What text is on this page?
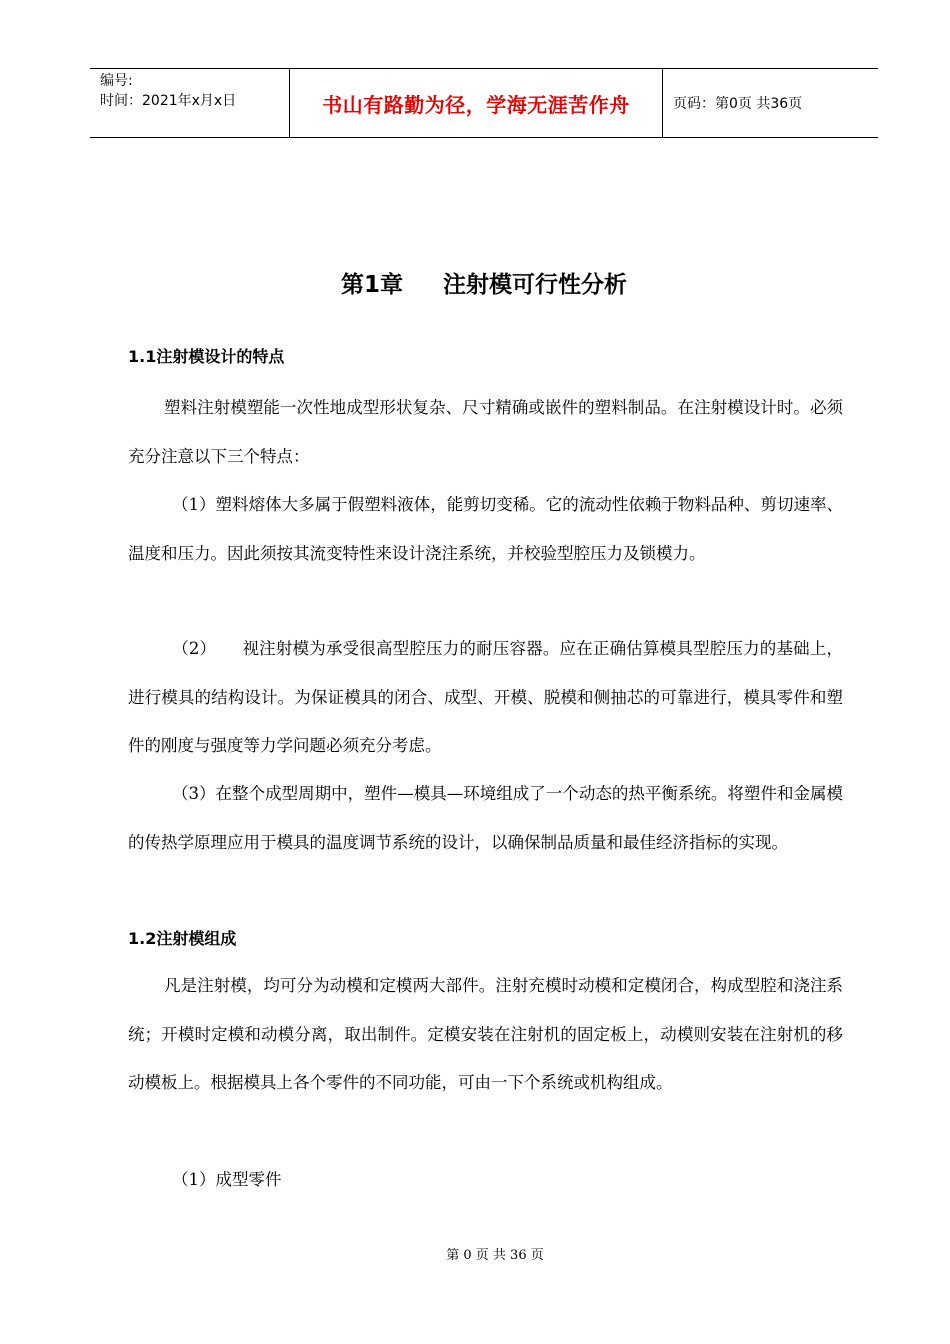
编号:
时间：2021年x月x日	书山有路勤为径，学海无涯苦作舟	页码：第0页 共36页
第1章 注射模可行性分析
1.1注射模设计的特点

塑料注射模塑能一次性地成型形状复杂、尺寸精确或嵌件的塑料制品。在注射模设计时。必须充分注意以下三个特点：

（1）塑料熔体大多属于假塑料液体，能剪切变稀。它的流动性依赖于物料品种、剪切速率、温度和压力。因此须按其流变特性来设计浇注系统，并校验型腔压力及锁模力。

（2） 视注射模为承受很高型腔压力的耐压容器。应在正确估算模具型腔压力的基础上，进行模具的结构设计。为保证模具的闭合、成型、开模、脱模和侧抽芯的可靠进行，模具零件和塑件的刚度与强度等力学问题必须充分考虑。

（3）在整个成型周期中，塑件—模具—环境组成了一个动态的热平衡系统。将塑件和金属模的传热学原理应用于模具的温度调节系统的设计，以确保制品质量和最佳经济指标的实现。

1.2注射模组成

凡是注射模，均可分为动模和定模两大部件。注射充模时动模和定模闭合，构成型腔和浇注系统；开模时定模和动模分离，取出制件。定模安装在注射机的固定板上，动模则安装在注射机的移动模板上。根据模具上各个零件的不同功能，可由一下个系统或机构组成。

（1）成型零件

第 0 页 共 36 页
